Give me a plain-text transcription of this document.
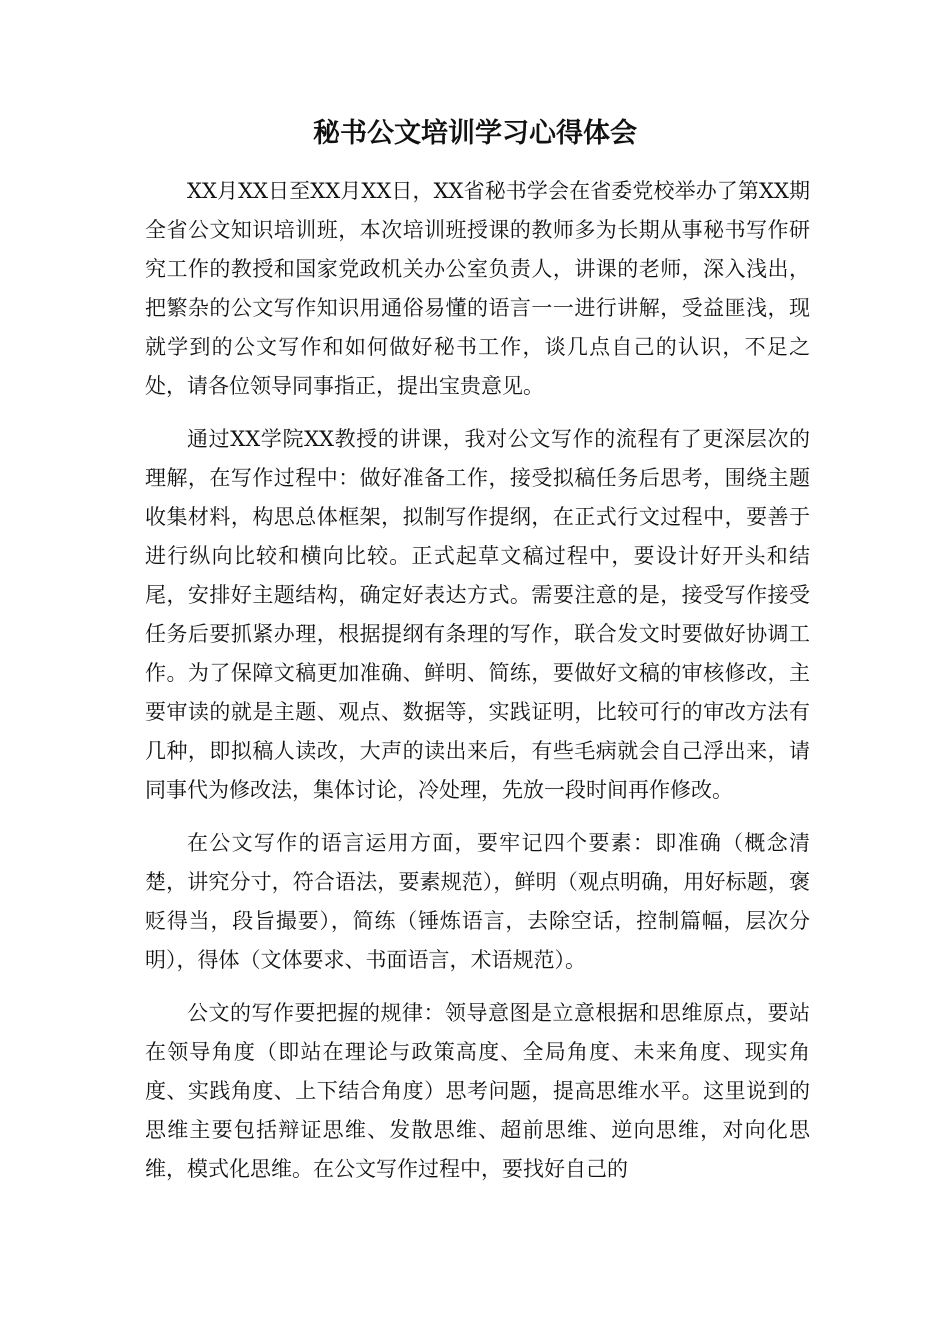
秘书公文培训学习心得体会

XX月XX日至XX月XX日，XX省秘书学会在省委党校举办了第XX期全省公文知识培训班，本次培训班授课的教师多为长期从事秘书写作研究工作的教授和国家党政机关办公室负责人，讲课的老师，深入浅出，把繁杂的公文写作知识用通俗易懂的语言一一进行讲解，受益匪浅，现就学到的公文写作和如何做好秘书工作，谈几点自己的认识，不足之处，请各位领导同事指正，提出宝贵意见。

通过XX学院XX教授的讲课，我对公文写作的流程有了更深层次的理解，在写作过程中：做好准备工作，接受拟稿任务后思考，围绕主题收集材料，构思总体框架，拟制写作提纲，在正式行文过程中，要善于进行纵向比较和横向比较。正式起草文稿过程中，要设计好开头和结尾，安排好主题结构，确定好表达方式。需要注意的是，接受写作接受任务后要抓紧办理，根据提纲有条理的写作，联合发文时要做好协调工作。为了保障文稿更加准确、鲜明、简练，要做好文稿的审核修改，主要审读的就是主题、观点、数据等，实践证明，比较可行的审改方法有几种，即拟稿人读改，大声的读出来后，有些毛病就会自己浮出来，请同事代为修改法，集体讨论，冷处理，先放一段时间再作修改。

在公文写作的语言运用方面，要牢记四个要素：即准确（概念清楚，讲究分寸，符合语法，要素规范），鲜明（观点明确，用好标题，褒贬得当，段旨撮要），简练（锤炼语言，去除空话，控制篇幅，层次分明），得体（文体要求、书面语言，术语规范）。

公文的写作要把握的规律：领导意图是立意根据和思维原点，要站在领导角度（即站在理论与政策高度、全局角度、未来角度、现实角度、实践角度、上下结合角度）思考问题，提高思维水平。这里说到的思维主要包括辩证思维、发散思维、超前思维、逆向思维，对向化思维，模式化思维。在公文写作过程中，要找好自己的
